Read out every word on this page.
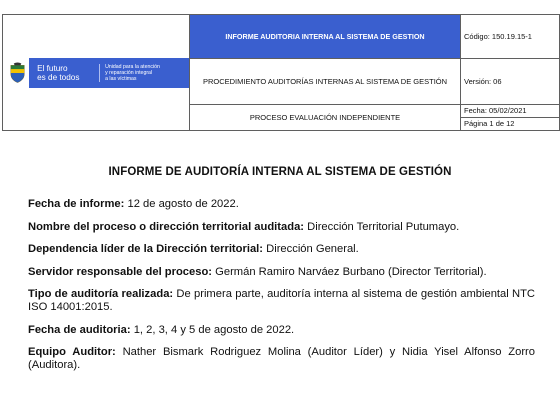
El futuro
es de todos
Unidad para la atención
y reparación integral
a las víctimas	INFORME AUDITORIA INTERNA AL SISTEMA DE GESTION	Código: 150.19.15-1
	PROCEDIMIENTO AUDITORÍAS INTERNAS AL SISTEMA DE GESTIÓN	Versión: 06
	PROCESO EVALUACIÓN INDEPENDIENTE	Fecha: 05/02/2021
Página 1 de 12
INFORME DE AUDITORÍA INTERNA AL SISTEMA DE GESTIÓN

Fecha de informe: 12 de agosto de 2022.

Nombre del proceso o dirección territorial auditada: Dirección Territorial Putumayo.

Dependencia líder de la Dirección territorial: Dirección General.

Servidor responsable del proceso: Germán Ramiro Narváez Burbano (Director Territorial).

Tipo de auditoría realizada: De primera parte, auditoría interna al sistema de gestión ambiental NTC ISO 14001:2015.

Fecha de auditoria: 1, 2, 3, 4 y 5 de agosto de 2022.

Equipo Auditor: Nather Bismark Rodriguez Molina (Auditor Líder) y Nidia Yisel Alfonso Zorro (Auditora).
